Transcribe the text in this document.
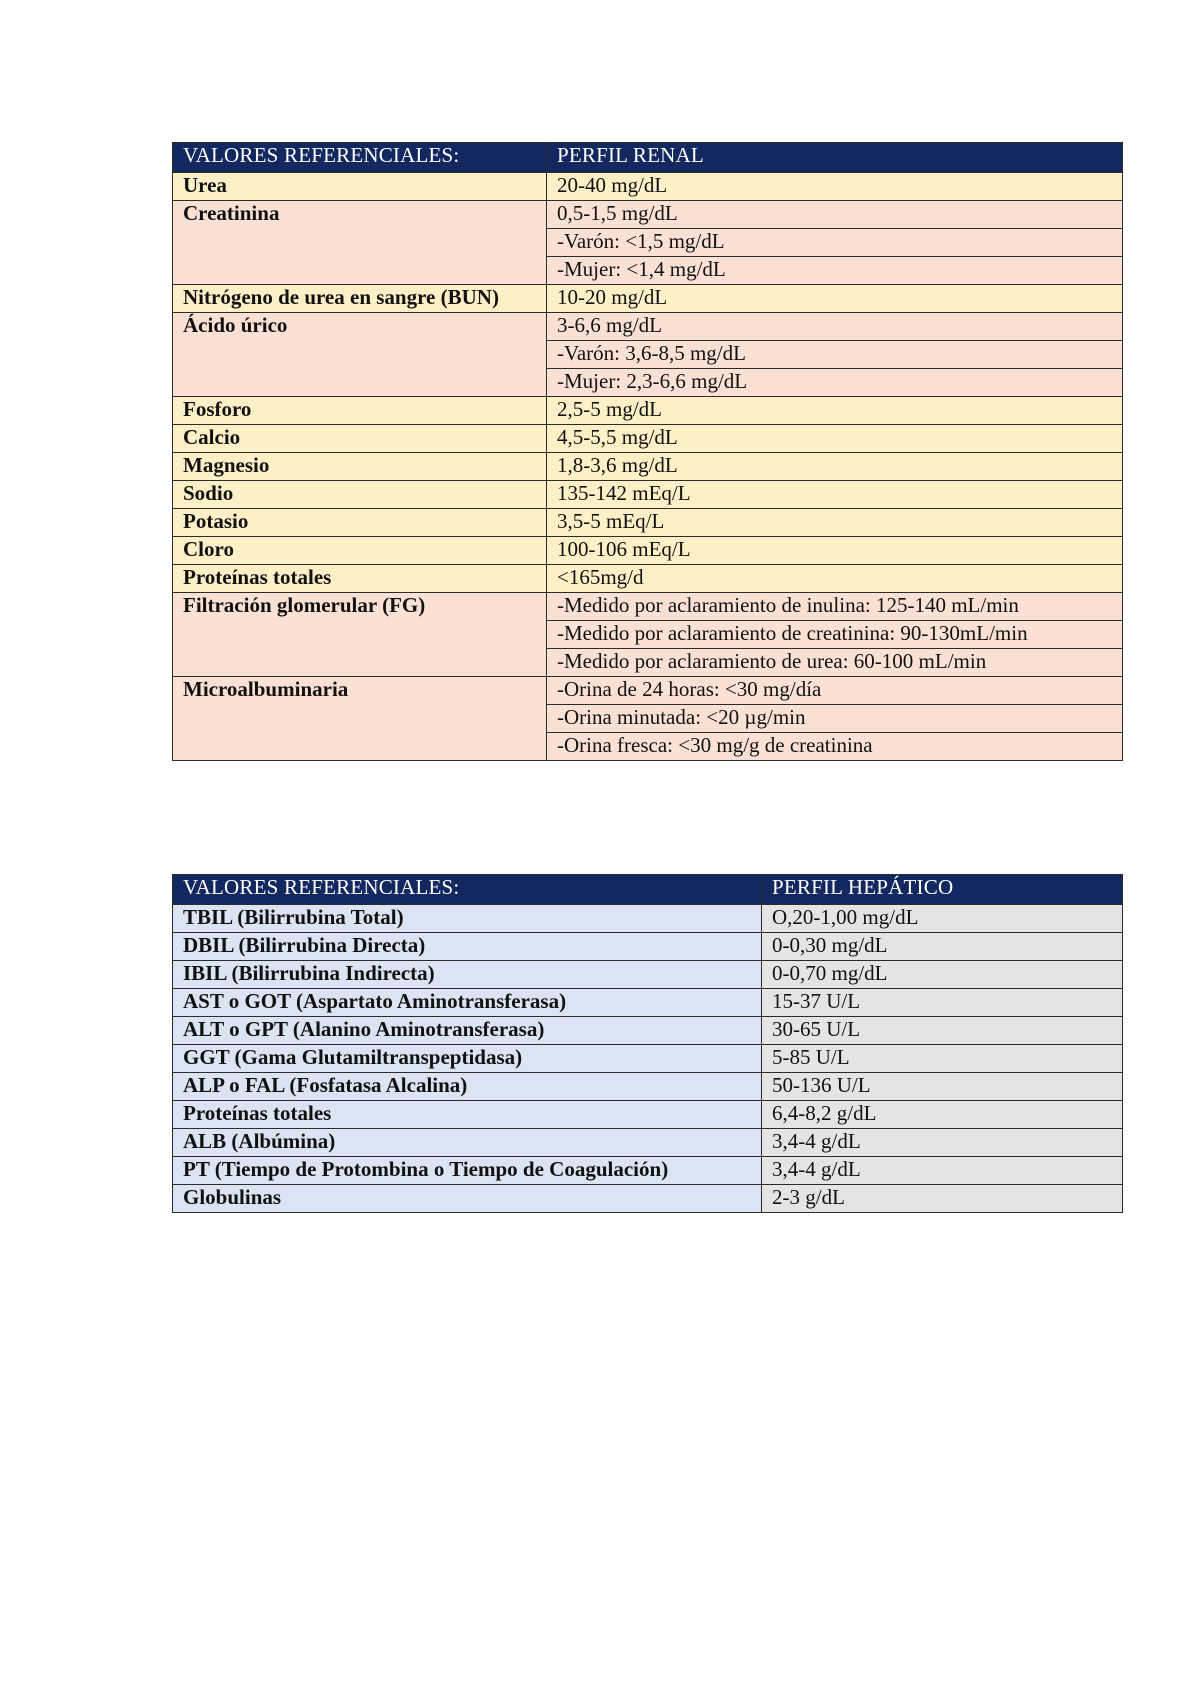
VALORES REFERENCIALES:	PERFIL RENAL
Urea	20-40 mg/dL
Creatinina	0,5-1,5 mg/dL
	-Varón: <1,5 mg/dL
	-Mujer: <1,4 mg/dL
Nitrógeno de urea en sangre (BUN)	10-20 mg/dL
Ácido úrico	3-6,6 mg/dL
	-Varón: 3,6-8,5 mg/dL
	-Mujer: 2,3-6,6 mg/dL
Fosforo	2,5-5 mg/dL
Calcio	4,5-5,5 mg/dL
Magnesio	1,8-3,6 mg/dL
Sodio	135-142 mEq/L
Potasio	3,5-5 mEq/L
Cloro	100-106 mEq/L
Proteínas totales	<165mg/d
Filtración glomerular (FG)	-Medido por aclaramiento de inulina: 125-140 mL/min
	-Medido por aclaramiento de creatinina: 90-130mL/min
	-Medido por aclaramiento de urea: 60-100 mL/min
Microalbuminaria	-Orina de 24 horas: <30 mg/día
	-Orina minutada: <20 µg/min
	-Orina fresca: <30 mg/g de creatinina
VALORES REFERENCIALES:	PERFIL HEPÁTICO
TBIL (Bilirrubina Total)	O,20-1,00 mg/dL
DBIL (Bilirrubina Directa)	0-0,30 mg/dL
IBIL (Bilirrubina Indirecta)	0-0,70 mg/dL
AST o GOT (Aspartato Aminotransferasa)	15-37 U/L
ALT o GPT (Alanino Aminotransferasa)	30-65 U/L
GGT (Gama Glutamiltranspeptidasa)	5-85 U/L
ALP o FAL (Fosfatasa Alcalina)	50-136 U/L
Proteínas totales	6,4-8,2 g/dL
ALB (Albúmina)	3,4-4 g/dL
PT (Tiempo de Protombina o Tiempo de Coagulación)	3,4-4 g/dL
Globulinas	2-3 g/dL
